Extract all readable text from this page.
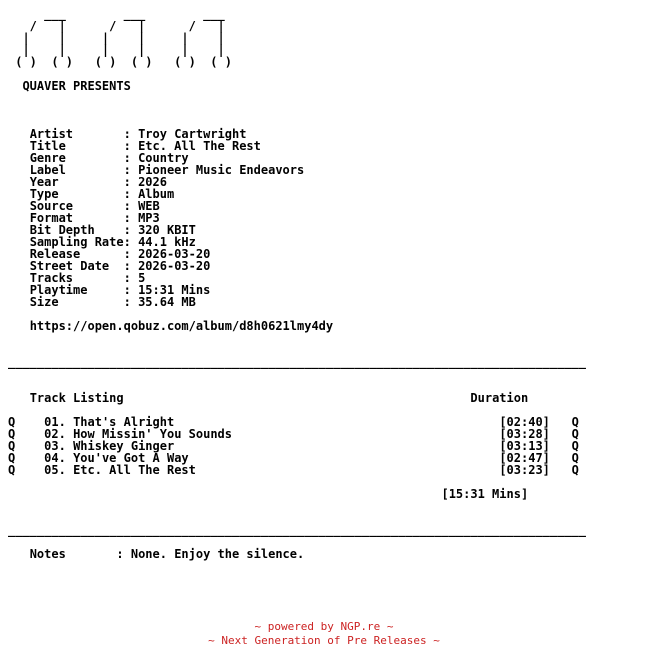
___        ___        ___
/   |      /   |      /   |
|    |     |    |     |    |
|    |     |    |     |    |
( )  ( )   ( )  ( )   ( )  ( )

QUAVER PRESENTS

Artist       : Troy Cartwright
Title        : Etc. All The Rest
Genre        : Country
Label        : Pioneer Music Endeavors
Year         : 2026
Type         : Album
Source       : WEB
Format       : MP3
Bit Depth    : 320 KBIT
Sampling Rate: 44.1 kHz
Release      : 2026-03-20
Street Date  : 2026-03-20
Tracks       : 5
Playtime     : 15:31 Mins
Size         : 35.64 MB

https://open.qobuz.com/album/d8h0621lmy4dy

________________________________________________________________________________

Track Listing	Duration

Q 01. That's Alright	[02:40] Q
Q 02. How Missin' You Sounds	[03:28] Q
Q 03. Whiskey Ginger	[03:13] Q
Q 04. You've Got A Way	[02:47] Q
Q 05. Etc. All The Rest	[03:23] Q

[15:31 Mins]

________________________________________________________________________________

Notes	: None. Enjoy the silence.
~ powered by NGP.re ~
~ Next Generation of Pre Releases ~
